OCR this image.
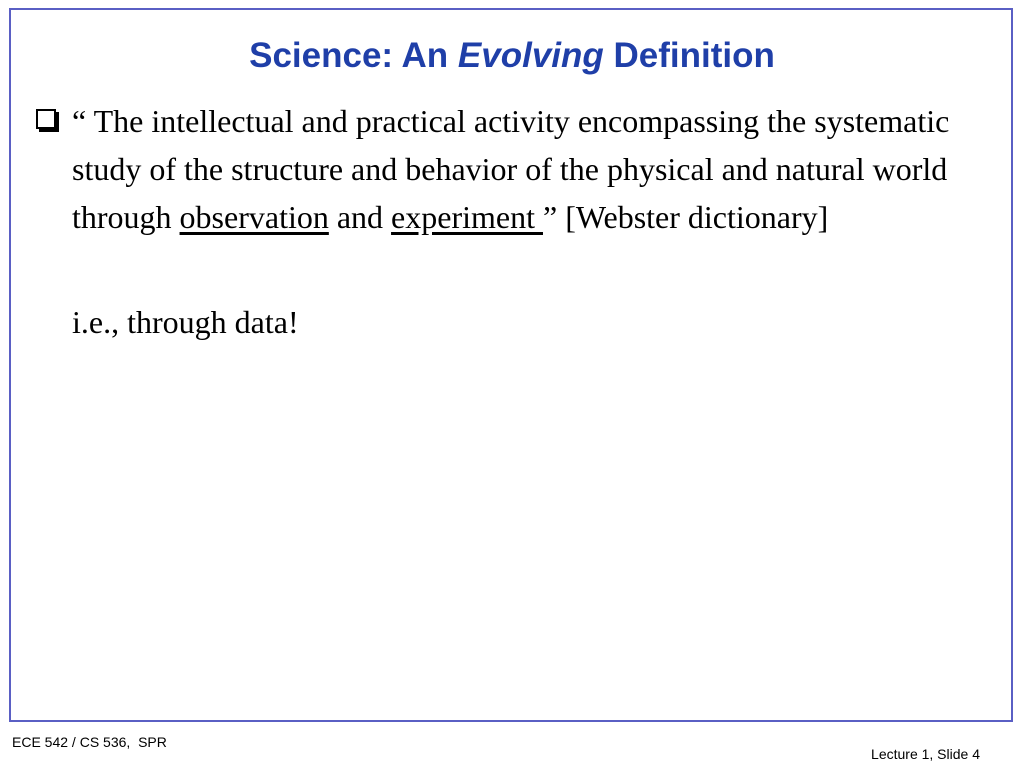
Science: An Evolving Definition
“ The intellectual and practical activity encompassing the systematic study of the structure and behavior of the physical and natural world through observation and experiment ” [Webster dictionary]
i.e., through data!
ECE 542 / CS 536,  SPR
Lecture 1, Slide 4
